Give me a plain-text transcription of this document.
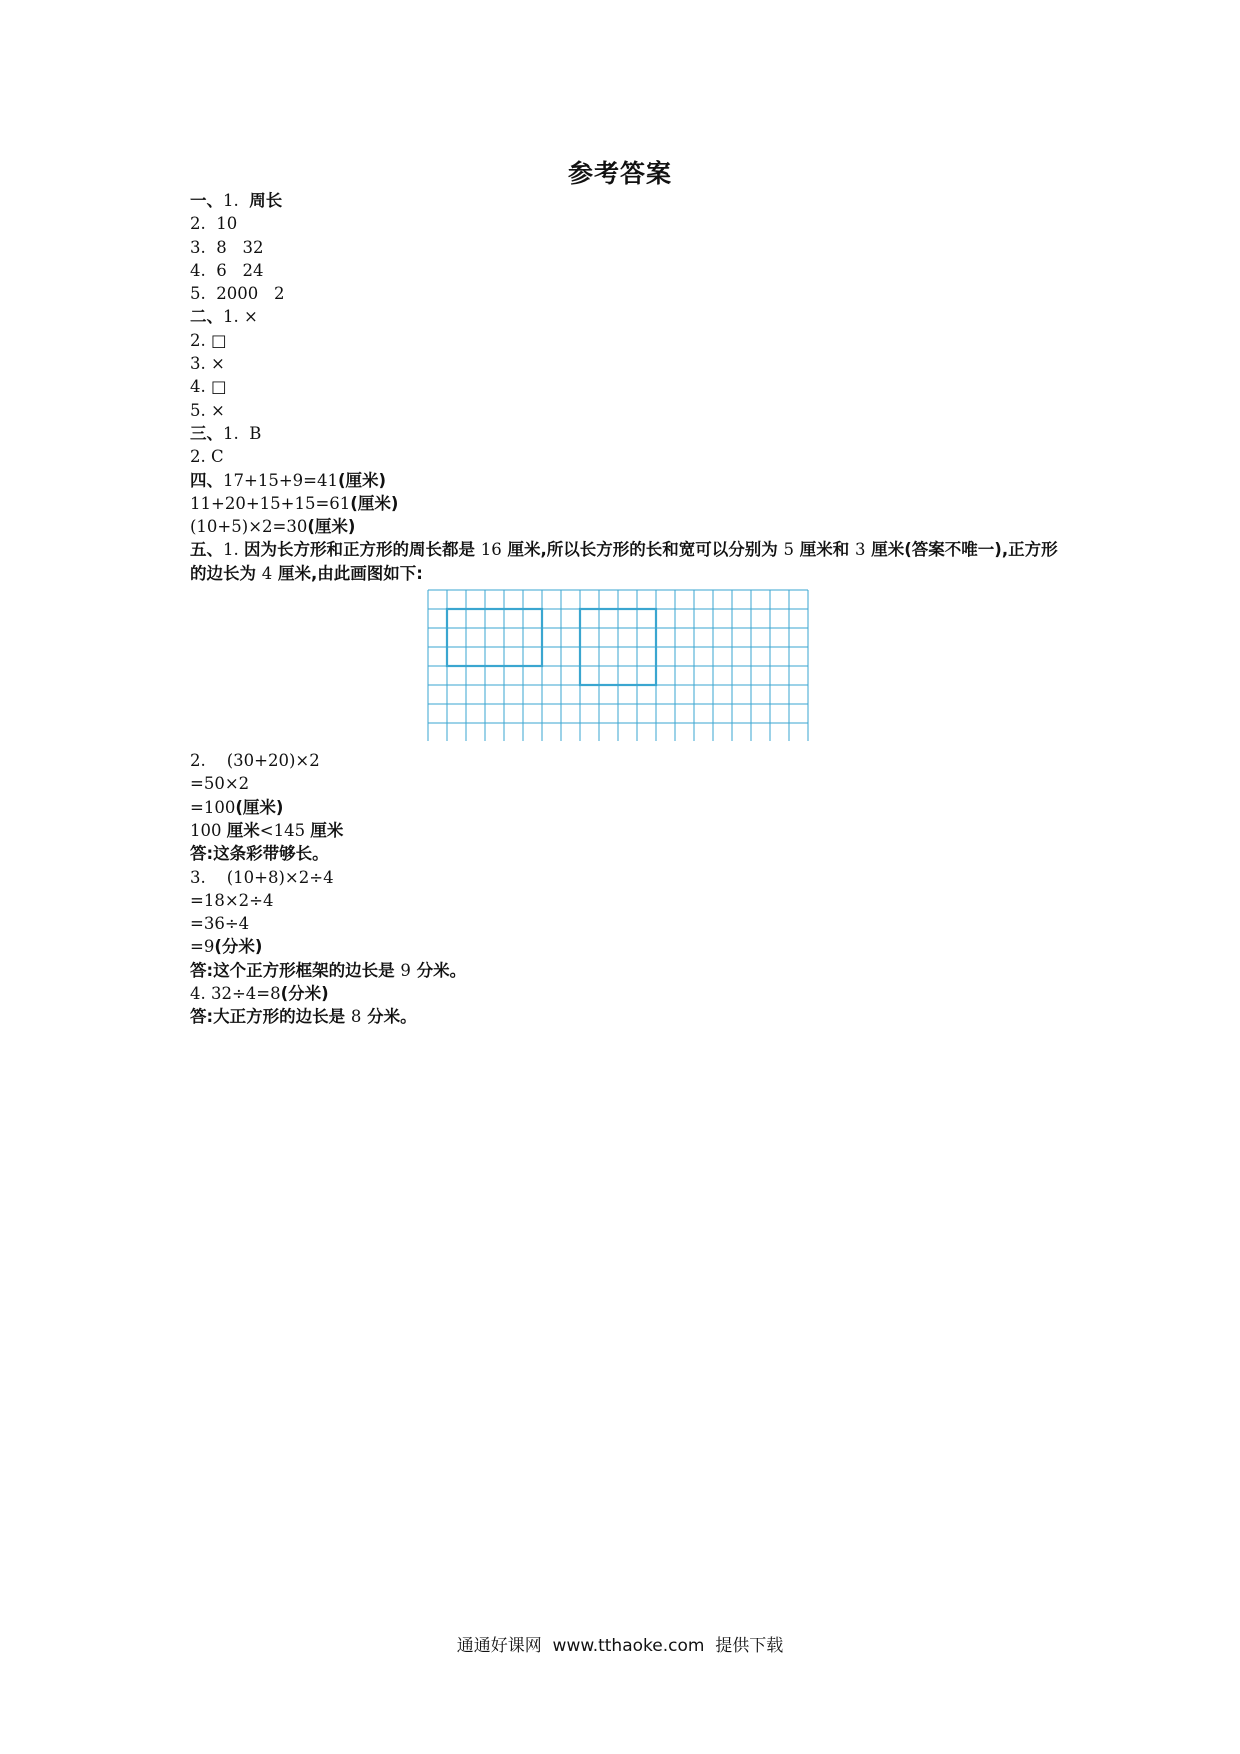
参考答案
一、1.  周长
2.  10
3.  8   32
4.  6   24
5.  2000   2
二、1. ×
2. □
3. ×
4. □
5. ×
三、1.  B
2. C
四、17+15+9=41(厘米)
11+20+15+15=61(厘米)
(10+5)×2=30(厘米)
五、1. 因为长方形和正方形的周长都是 16 厘米,所以长方形的长和宽可以分别为 5 厘米和 3 厘米(答案不唯一),正方形的边长为 4 厘米,由此画图如下:
2.    (30+20)×2
=50×2
=100(厘米)
100 厘米<145 厘米
答:这条彩带够长。
3.    (10+8)×2÷4
=18×2÷4
=36÷4
=9(分米)
答:这个正方形框架的边长是 9 分米。
4. 32÷4=8(分米)
答:大正方形的边长是 8 分米。
通通好课网  www.tthaoke.com  提供下载
